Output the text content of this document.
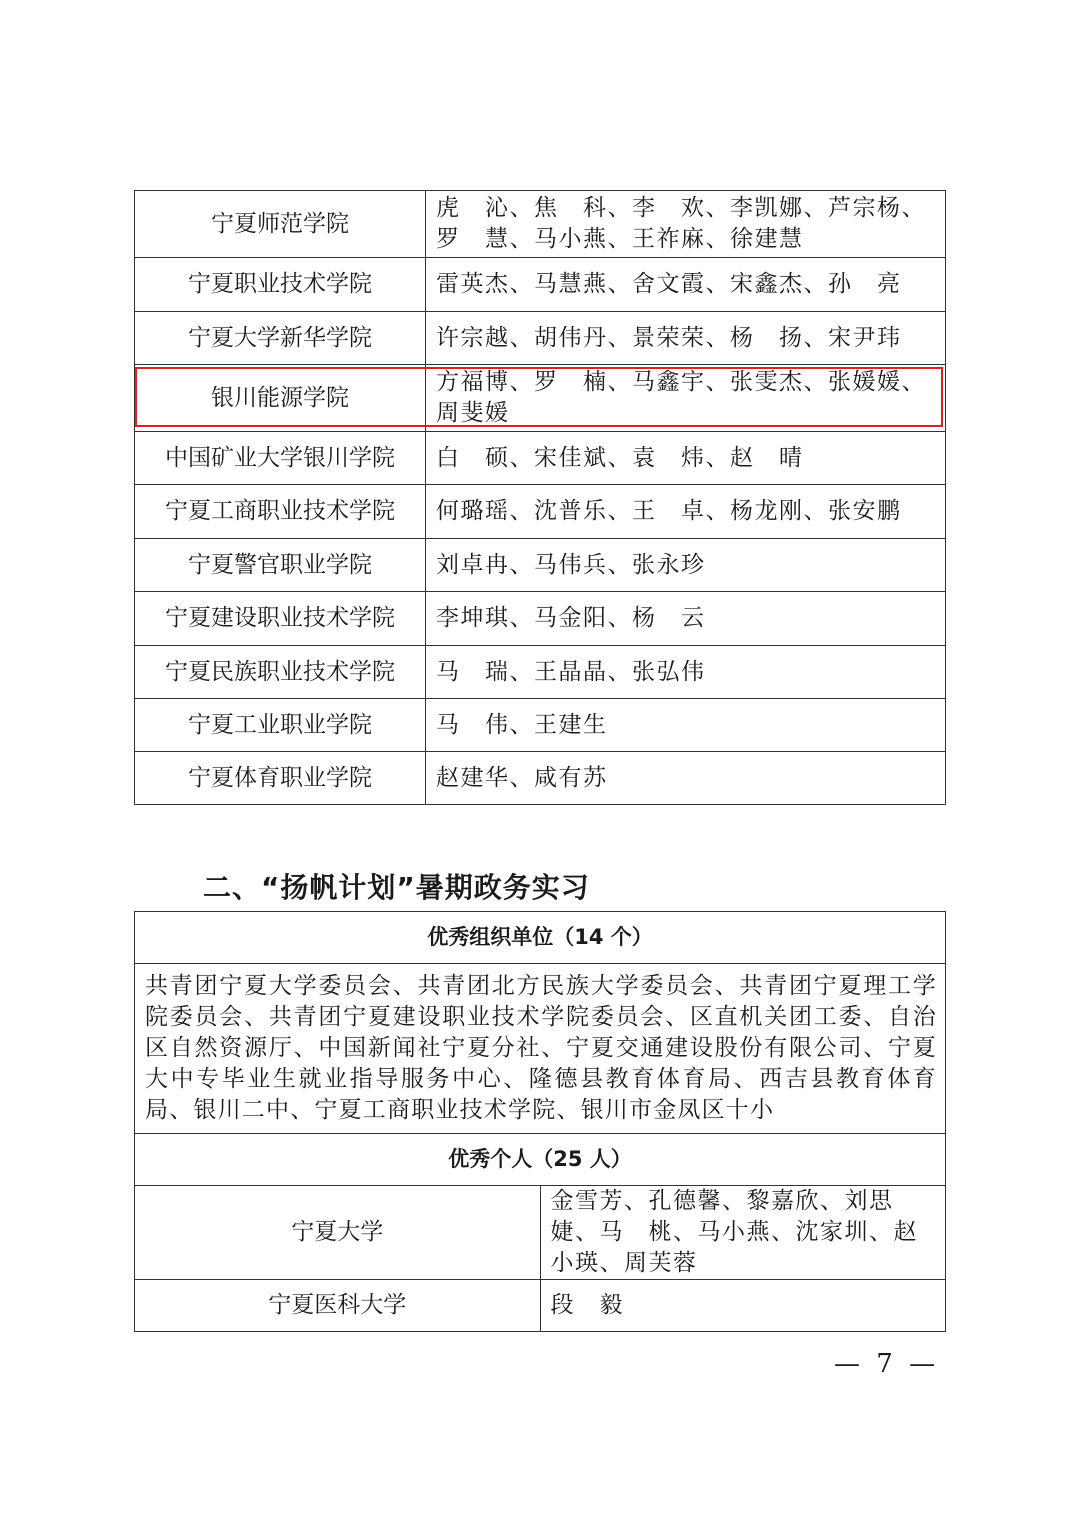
宁夏师范学院	虎　沁、焦　科、李　欢、李凯娜、芦宗杨、罗　慧、马小燕、王祚麻、徐建慧
宁夏职业技术学院	雷英杰、马慧燕、舍文霞、宋鑫杰、孙　亮
宁夏大学新华学院	许宗越、胡伟丹、景荣荣、杨　扬、宋尹玮
银川能源学院	方福博、罗　楠、马鑫宇、张雯杰、张媛媛、周斐媛
中国矿业大学银川学院	白　硕、宋佳斌、袁　炜、赵　晴
宁夏工商职业技术学院	何璐瑶、沈普乐、王　卓、杨龙刚、张安鹏
宁夏警官职业学院	刘卓冉、马伟兵、张永珍
宁夏建设职业技术学院	李坤琪、马金阳、杨　云
宁夏民族职业技术学院	马　瑞、王晶晶、张弘伟
宁夏工业职业学院	马　伟、王建生
宁夏体育职业学院	赵建华、咸有苏
二、“扬帆计划”暑期政务实习
优秀组织单位（14 个）	
共青团宁夏大学委员会、共青团北方民族大学委员会、共青团宁夏理工学院委员会、共青团宁夏建设职业技术学院委员会、区直机关团工委、自治区自然资源厅、中国新闻社宁夏分社、宁夏交通建设股份有限公司、宁夏大中专毕业生就业指导服务中心、隆德县教育体育局、西吉县教育体育局、银川二中、宁夏工商职业技术学院、银川市金凤区十小	
优秀个人（25 人）	
宁夏大学	金雪芳、孔德馨、黎嘉欣、刘思婕、马　桃、马小燕、沈家圳、赵小瑛、周芙蓉
宁夏医科大学	段　毅
— 7 —
